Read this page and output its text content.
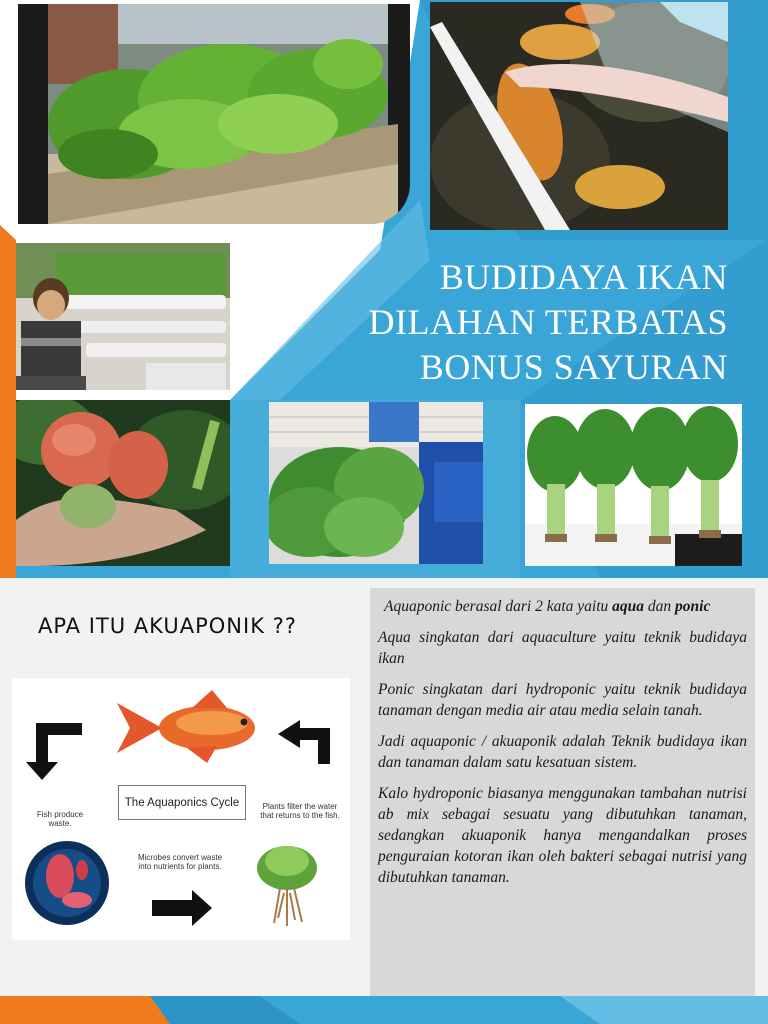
BUDIDAYA IKAN
DILAHAN TERBATAS
BONUS SAYURAN
APA ITU AKUAPONIK ??
The Aquaponics Cycle
Fish produce waste.
Plants filter the water that returns to the fish.
Microbes convert waste into nutrients for plants.

Aquaponic berasal dari 2 kata yaitu aqua dan ponic

Aqua singkatan dari aquaculture yaitu teknik budidaya ikan

Ponic singkatan dari hydroponic yaitu teknik budidaya tanaman dengan media air atau media selain tanah.

Jadi aquaponic / akuaponik adalah Teknik budidaya ikan dan tanaman dalam satu kesatuan sistem.

Kalo hydroponic biasanya menggunakan tambahan nutrisi ab mix sebagai sesuatu yang dibutuhkan tanaman, sedangkan akuaponik hanya mengandalkan proses penguraian kotoran ikan oleh bakteri sebagai nutrisi yang dibutuhkan tanaman.
